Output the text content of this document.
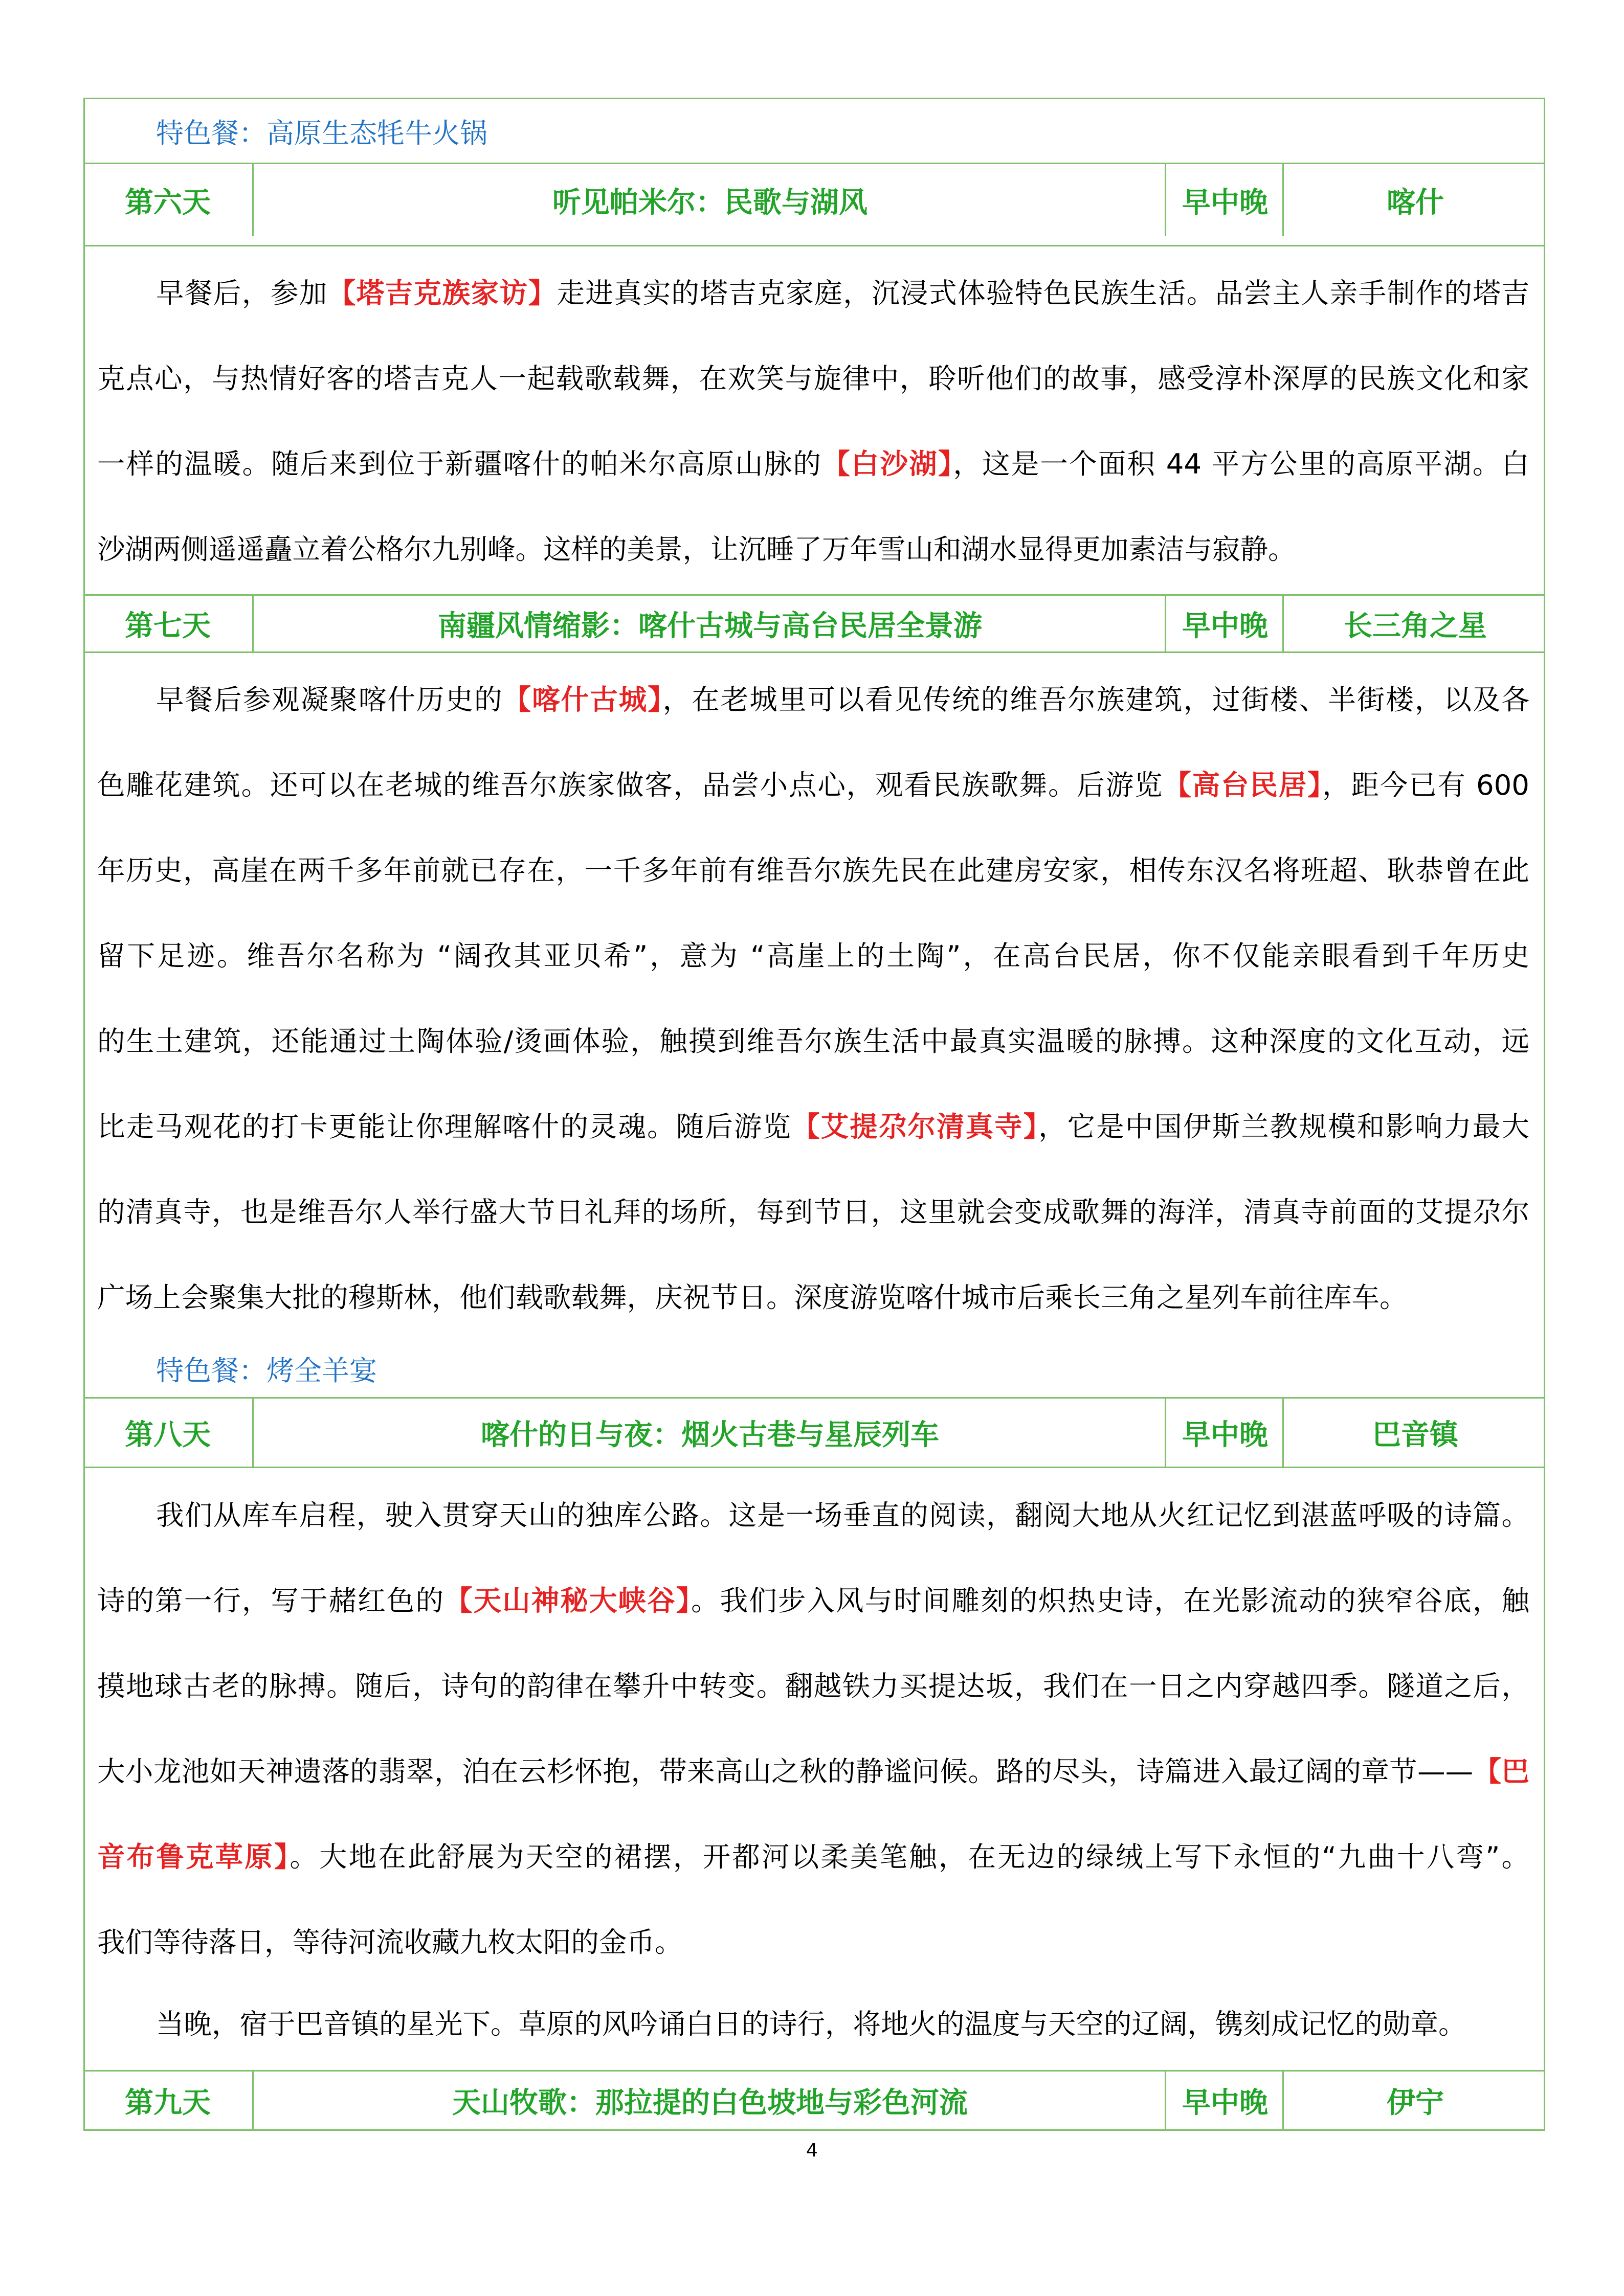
特色餐：高原生态牦牛火锅
第六天	听见帕米尔：民歌与湖风	早中晚	喀什
早餐后，参加【塔吉克族家访】走进真实的塔吉克家庭，沉浸式体验特色民族生活。品尝主人亲手制作的塔吉
克点心，与热情好客的塔吉克人一起载歌载舞，在欢笑与旋律中，聆听他们的故事，感受淳朴深厚的民族文化和家
一样的温暖。随后来到位于新疆喀什的帕米尔高原山脉的【白沙湖】，这是一个面积 44 平方公里的高原平湖。白
沙湖两侧遥遥矗立着公格尔九别峰。这样的美景，让沉睡了万年雪山和湖水显得更加素洁与寂静。
第七天	南疆风情缩影：喀什古城与高台民居全景游	早中晚	长三角之星
早餐后参观凝聚喀什历史的【喀什古城】，在老城里可以看见传统的维吾尔族建筑，过街楼、半街楼，以及各
色雕花建筑。还可以在老城的维吾尔族家做客，品尝小点心，观看民族歌舞。后游览【高台民居】，距今已有 600
年历史，高崖在两千多年前就已存在，一千多年前有维吾尔族先民在此建房安家，相传东汉名将班超、耿恭曾在此
留下足迹。维吾尔名称为 “阔孜其亚贝希”，意为 “高崖上的土陶”，在高台民居，你不仅能亲眼看到千年历史
的生土建筑，还能通过土陶体验/烫画体验，触摸到维吾尔族生活中最真实温暖的脉搏。这种深度的文化互动，远
比走马观花的打卡更能让你理解喀什的灵魂。随后游览【艾提尕尔清真寺】，它是中国伊斯兰教规模和影响力最大
的清真寺，也是维吾尔人举行盛大节日礼拜的场所，每到节日，这里就会变成歌舞的海洋，清真寺前面的艾提尕尔
广场上会聚集大批的穆斯林，他们载歌载舞，庆祝节日。深度游览喀什城市后乘长三角之星列车前往库车。
特色餐：烤全羊宴
第八天	喀什的日与夜：烟火古巷与星辰列车	早中晚	巴音镇
我们从库车启程，驶入贯穿天山的独库公路。这是一场垂直的阅读，翻阅大地从火红记忆到湛蓝呼吸的诗篇。
诗的第一行，写于赭红色的【天山神秘大峡谷】。我们步入风与时间雕刻的炽热史诗，在光影流动的狭窄谷底，触
摸地球古老的脉搏。随后，诗句的韵律在攀升中转变。翻越铁力买提达坂，我们在一日之内穿越四季。隧道之后，
大小龙池如天神遗落的翡翠，泊在云杉怀抱，带来高山之秋的静谧问候。路的尽头，诗篇进入最辽阔的章节——【巴
音布鲁克草原】。大地在此舒展为天空的裙摆，开都河以柔美笔触，在无边的绿绒上写下永恒的“九曲十八弯”。
我们等待落日，等待河流收藏九枚太阳的金币。
当晚，宿于巴音镇的星光下。草原的风吟诵白日的诗行，将地火的温度与天空的辽阔，镌刻成记忆的勋章。
第九天	天山牧歌：那拉提的白色坡地与彩色河流	早中晚	伊宁
4
